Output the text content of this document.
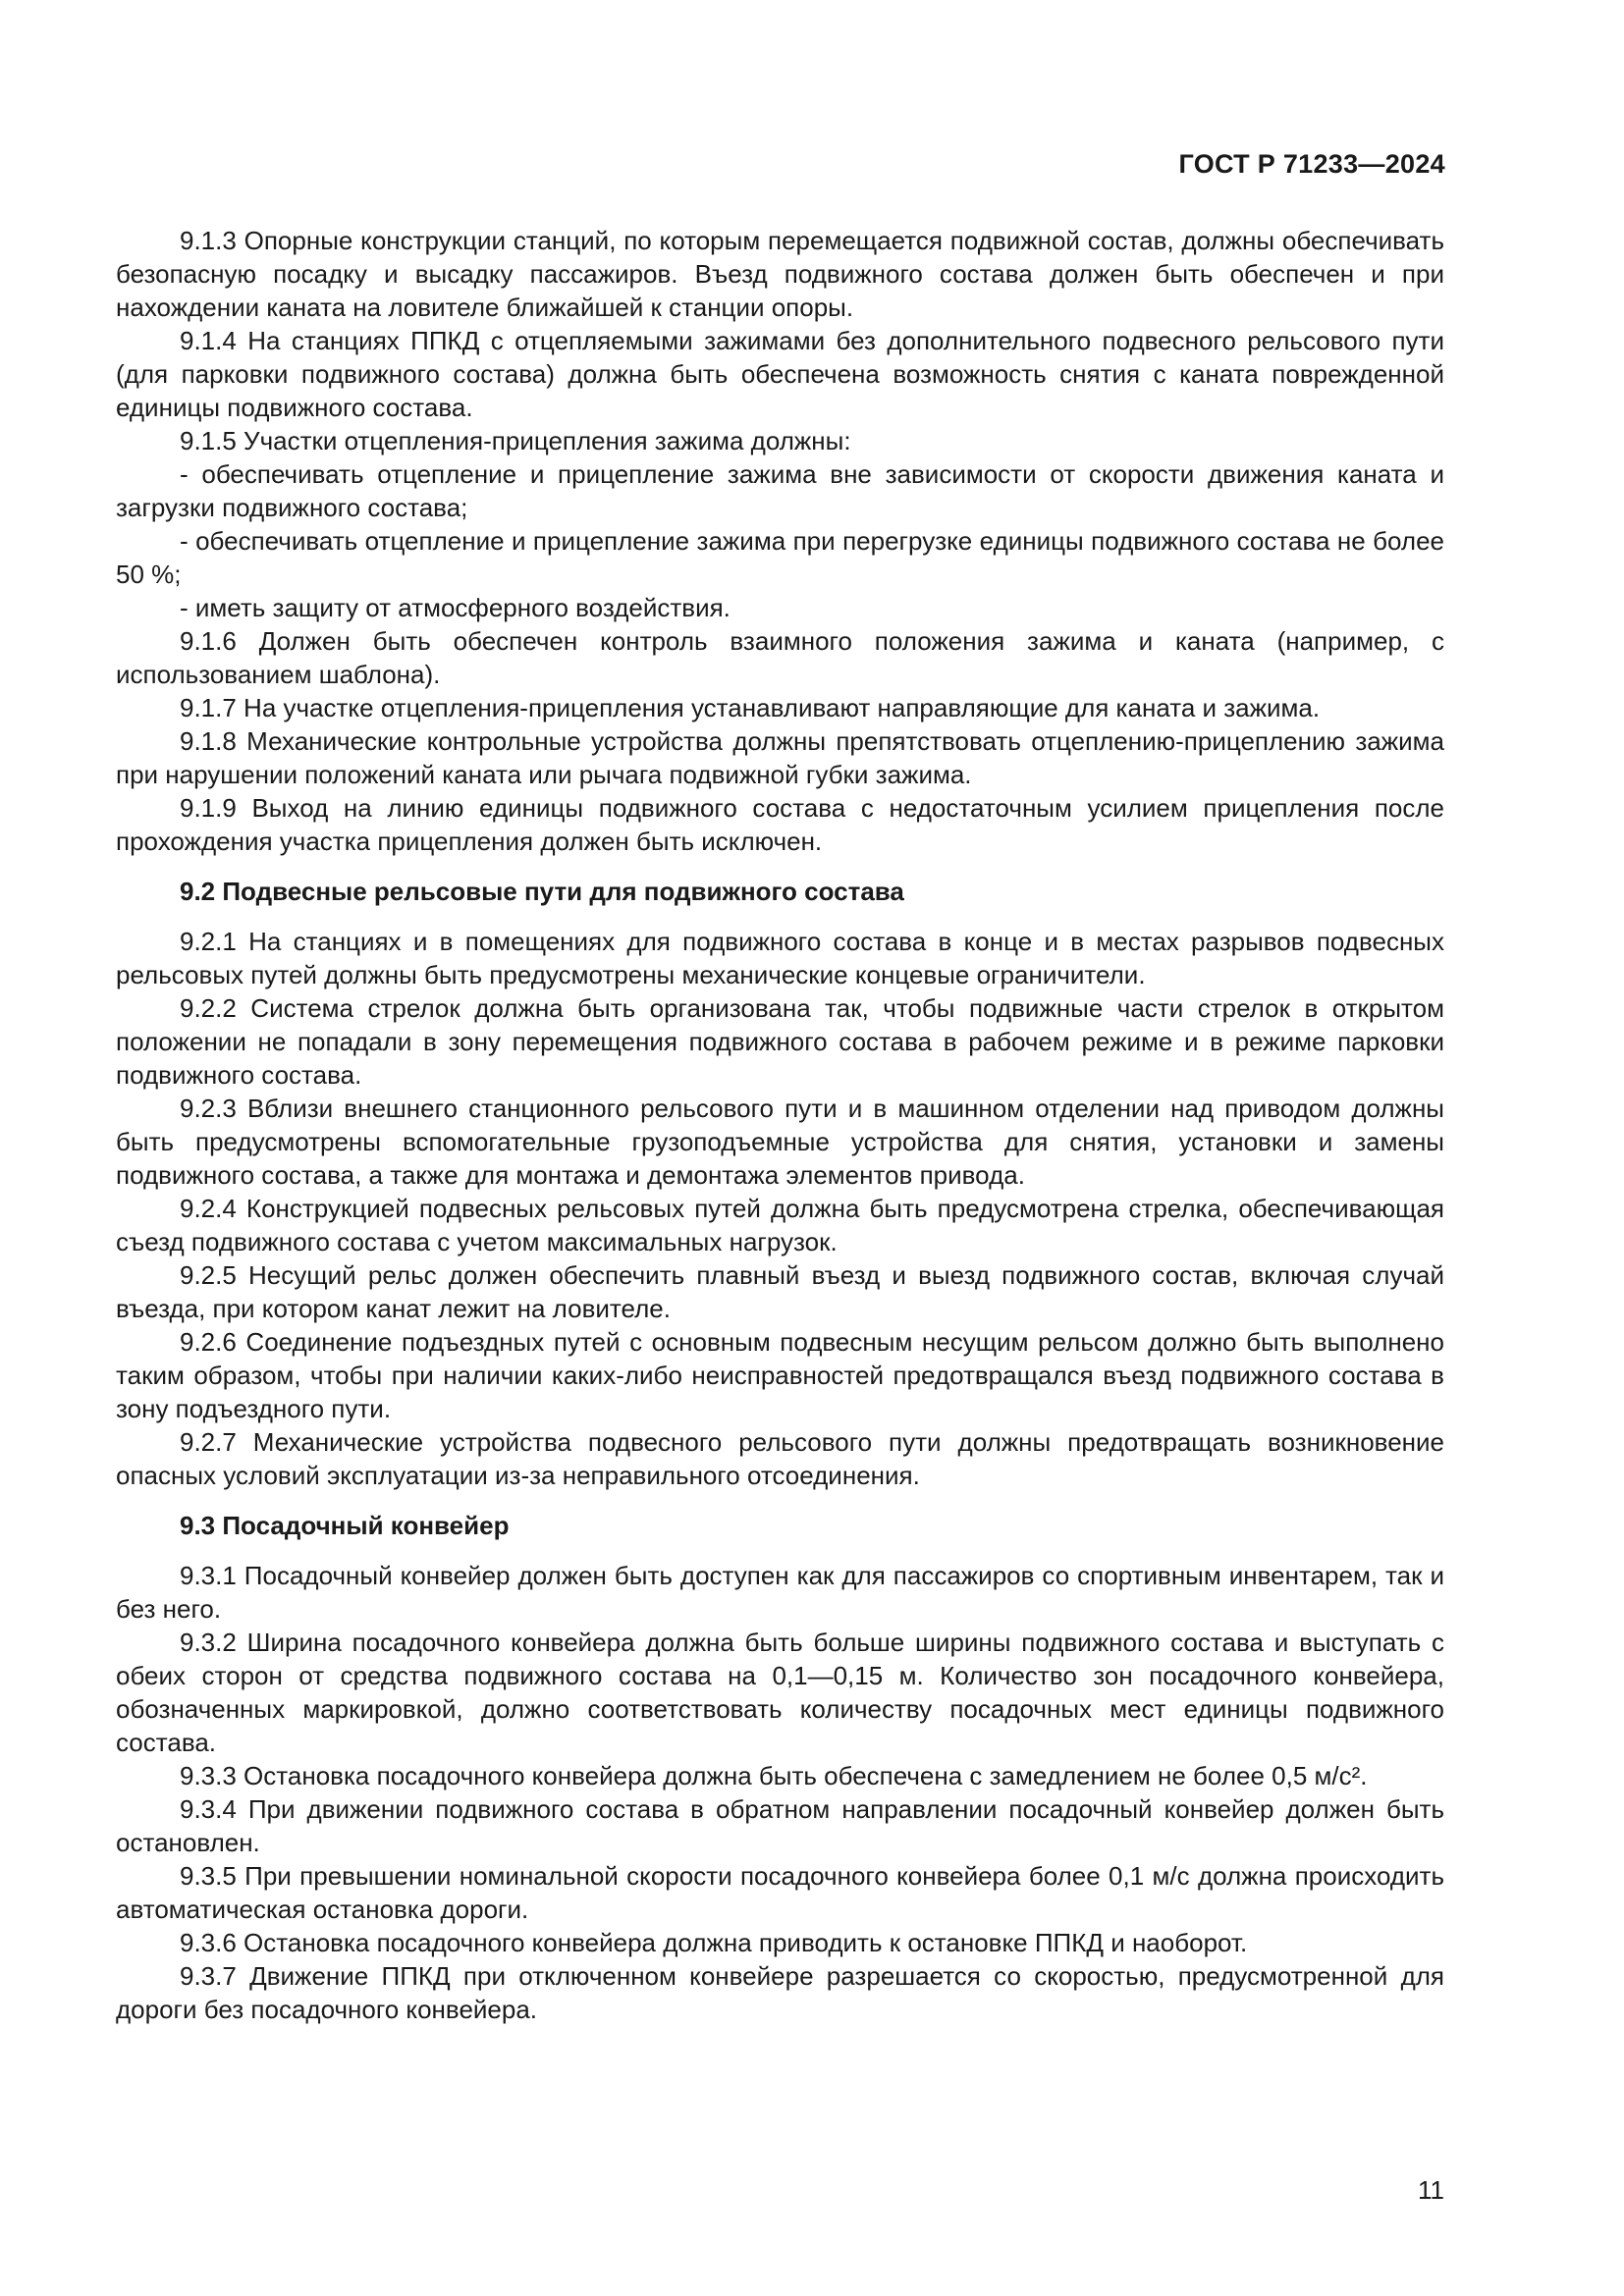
ГОСТ Р 71233—2024

9.1.3 Опорные конструкции станций, по которым перемещается подвижной состав, должны обеспечивать безопасную посадку и высадку пассажиров. Въезд подвижного состава должен быть обеспечен и при нахождении каната на ловителе ближайшей к станции опоры.

9.1.4 На станциях ППКД с отцепляемыми зажимами без дополнительного подвесного рельсового пути (для парковки подвижного состава) должна быть обеспечена возможность снятия с каната поврежденной единицы подвижного состава.

9.1.5 Участки отцепления-прицепления зажима должны:

- обеспечивать отцепление и прицепление зажима вне зависимости от скорости движения каната и загрузки подвижного состава;

- обеспечивать отцепление и прицепление зажима при перегрузке единицы подвижного состава не более 50 %;

- иметь защиту от атмосферного воздействия.

9.1.6 Должен быть обеспечен контроль взаимного положения зажима и каната (например, с использованием шаблона).

9.1.7 На участке отцепления-прицепления устанавливают направляющие для каната и зажима.

9.1.8 Механические контрольные устройства должны препятствовать отцеплению-прицеплению зажима при нарушении положений каната или рычага подвижной губки зажима.

9.1.9 Выход на линию единицы подвижного состава с недостаточным усилием прицепления после прохождения участка прицепления должен быть исключен.

9.2 Подвесные рельсовые пути для подвижного состава

9.2.1 На станциях и в помещениях для подвижного состава в конце и в местах разрывов подвесных рельсовых путей должны быть предусмотрены механические концевые ограничители.

9.2.2 Система стрелок должна быть организована так, чтобы подвижные части стрелок в открытом положении не попадали в зону перемещения подвижного состава в рабочем режиме и в режиме парковки подвижного состава.

9.2.3 Вблизи внешнего станционного рельсового пути и в машинном отделении над приводом должны быть предусмотрены вспомогательные грузоподъемные устройства для снятия, установки и замены подвижного состава, а также для монтажа и демонтажа элементов привода.

9.2.4 Конструкцией подвесных рельсовых путей должна быть предусмотрена стрелка, обеспечивающая съезд подвижного состава с учетом максимальных нагрузок.

9.2.5 Несущий рельс должен обеспечить плавный въезд и выезд подвижного состав, включая случай въезда, при котором канат лежит на ловителе.

9.2.6 Соединение подъездных путей с основным подвесным несущим рельсом должно быть выполнено таким образом, чтобы при наличии каких-либо неисправностей предотвращался въезд подвижного состава в зону подъездного пути.

9.2.7 Механические устройства подвесного рельсового пути должны предотвращать возникновение опасных условий эксплуатации из-за неправильного отсоединения.

9.3 Посадочный конвейер

9.3.1 Посадочный конвейер должен быть доступен как для пассажиров со спортивным инвентарем, так и без него.

9.3.2 Ширина посадочного конвейера должна быть больше ширины подвижного состава и выступать с обеих сторон от средства подвижного состава на 0,1—0,15 м. Количество зон посадочного конвейера, обозначенных маркировкой, должно соответствовать количеству посадочных мест единицы подвижного состава.

9.3.3 Остановка посадочного конвейера должна быть обеспечена с замедлением не более 0,5 м/с².

9.3.4 При движении подвижного состава в обратном направлении посадочный конвейер должен быть остановлен.

9.3.5 При превышении номинальной скорости посадочного конвейера более 0,1 м/с должна происходить автоматическая остановка дороги.

9.3.6 Остановка посадочного конвейера должна приводить к остановке ППКД и наоборот.

9.3.7 Движение ППКД при отключенном конвейере разрешается со скоростью, предусмотренной для дороги без посадочного конвейера.

11
